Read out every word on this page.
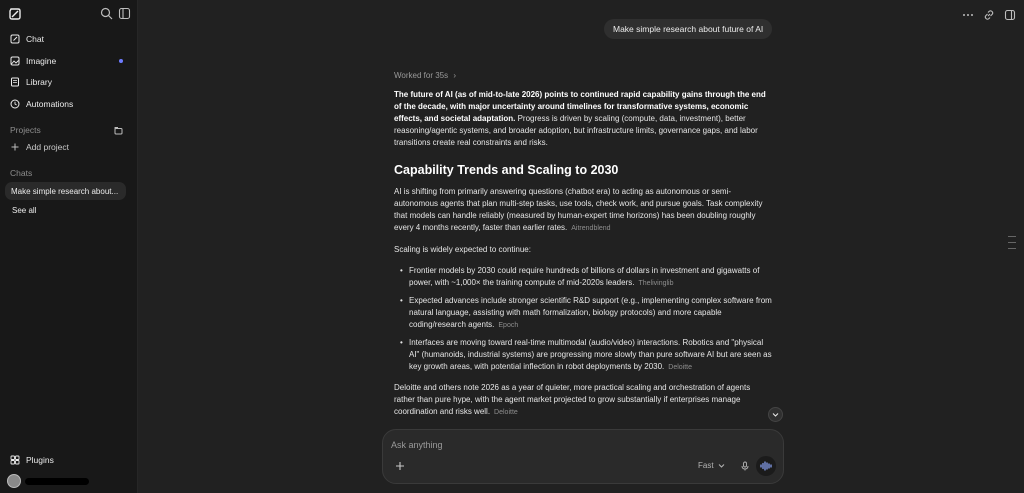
Chat
Imagine
Library
Automations
Projects
Add project
Chats
Make simple research about...
See all
Plugins
Make simple research about future of AI
Worked for 35s ›

The future of AI (as of mid-to-late 2026) points to continued rapid capability gains through the end of the decade, with major uncertainty around timelines for transformative systems, economic effects, and societal adaptation. Progress is driven by scaling (compute, data, investment), better reasoning/agentic systems, and broader adoption, but infrastructure limits, governance gaps, and labor transitions create real constraints and risks.

Capability Trends and Scaling to 2030

AI is shifting from primarily answering questions (chatbot era) to acting as autonomous or semi-autonomous agents that plan multi-step tasks, use tools, check work, and pursue goals. Task complexity that models can handle reliably (measured by human-expert time horizons) has been doubling roughly every 4 months recently, faster than earlier rates. Aitrendblend

Scaling is widely expected to continue:

• Frontier models by 2030 could require hundreds of billions of dollars in investment and gigawatts of power, with ~1,000× the training compute of mid-2020s leaders. Thelivinglib
• Expected advances include stronger scientific R&D support (e.g., implementing complex software from natural language, assisting with math formalization, biology protocols) and more capable coding/research agents. Epoch
• Interfaces are moving toward real-time multimodal (audio/video) interactions. Robotics and "physical AI" (humanoids, industrial systems) are progressing more slowly than pure software AI but are seen as key growth areas, with potential inflection in robot deployments by 2030. Deloitte

Deloitte and others note 2026 as a year of quieter, more practical scaling and orchestration of agents rather than pure hype, with the agent market projected to grow substantially if enterprises manage coordination and risks well. Deloitte

Ask anything
Fast
